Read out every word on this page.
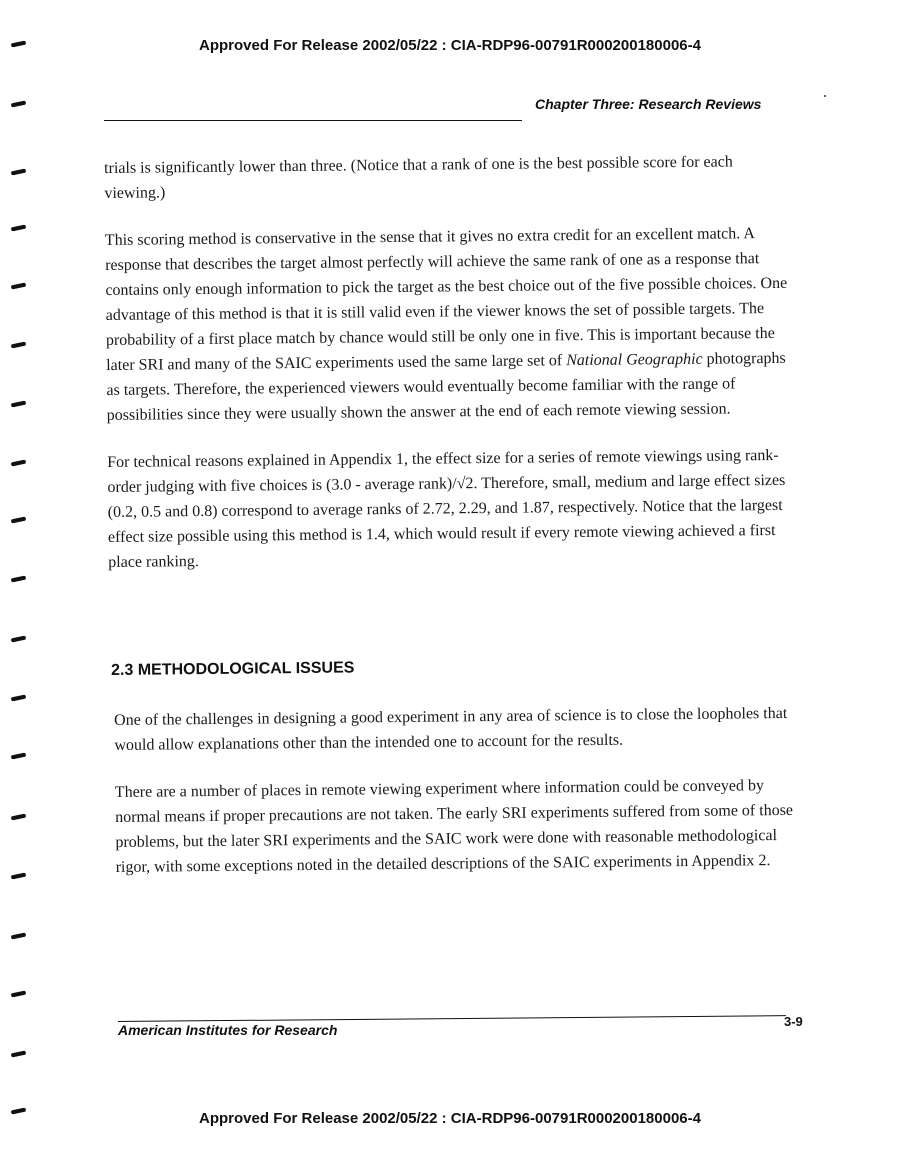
Approved For Release 2002/05/22 : CIA-RDP96-00791R000200180006-4
Chapter Three: Research Reviews

trials is significantly lower than three. (Notice that a rank of one is the best possible score for each viewing.)

This scoring method is conservative in the sense that it gives no extra credit for an excellent match. A response that describes the target almost perfectly will achieve the same rank of one as a response that contains only enough information to pick the target as the best choice out of the five possible choices. One advantage of this method is that it is still valid even if the viewer knows the set of possible targets. The probability of a first place match by chance would still be only one in five. This is important because the later SRI and many of the SAIC experiments used the same large set of National Geographic photographs as targets. Therefore, the experienced viewers would eventually become familiar with the range of possibilities since they were usually shown the answer at the end of each remote viewing session.

For technical reasons explained in Appendix 1, the effect size for a series of remote viewings using rank-order judging with five choices is (3.0 - average rank)/√2. Therefore, small, medium and large effect sizes (0.2, 0.5 and 0.8) correspond to average ranks of 2.72, 2.29, and 1.87, respectively. Notice that the largest effect size possible using this method is 1.4, which would result if every remote viewing achieved a first place ranking.

2.3 METHODOLOGICAL ISSUES

One of the challenges in designing a good experiment in any area of science is to close the loopholes that would allow explanations other than the intended one to account for the results.

There are a number of places in remote viewing experiment where information could be conveyed by normal means if proper precautions are not taken. The early SRI experiments suffered from some of those problems, but the later SRI experiments and the SAIC work were done with reasonable methodological rigor, with some exceptions noted in the detailed descriptions of the SAIC experiments in Appendix 2.

American Institutes for Research
3-9
Approved For Release 2002/05/22 : CIA-RDP96-00791R000200180006-4
